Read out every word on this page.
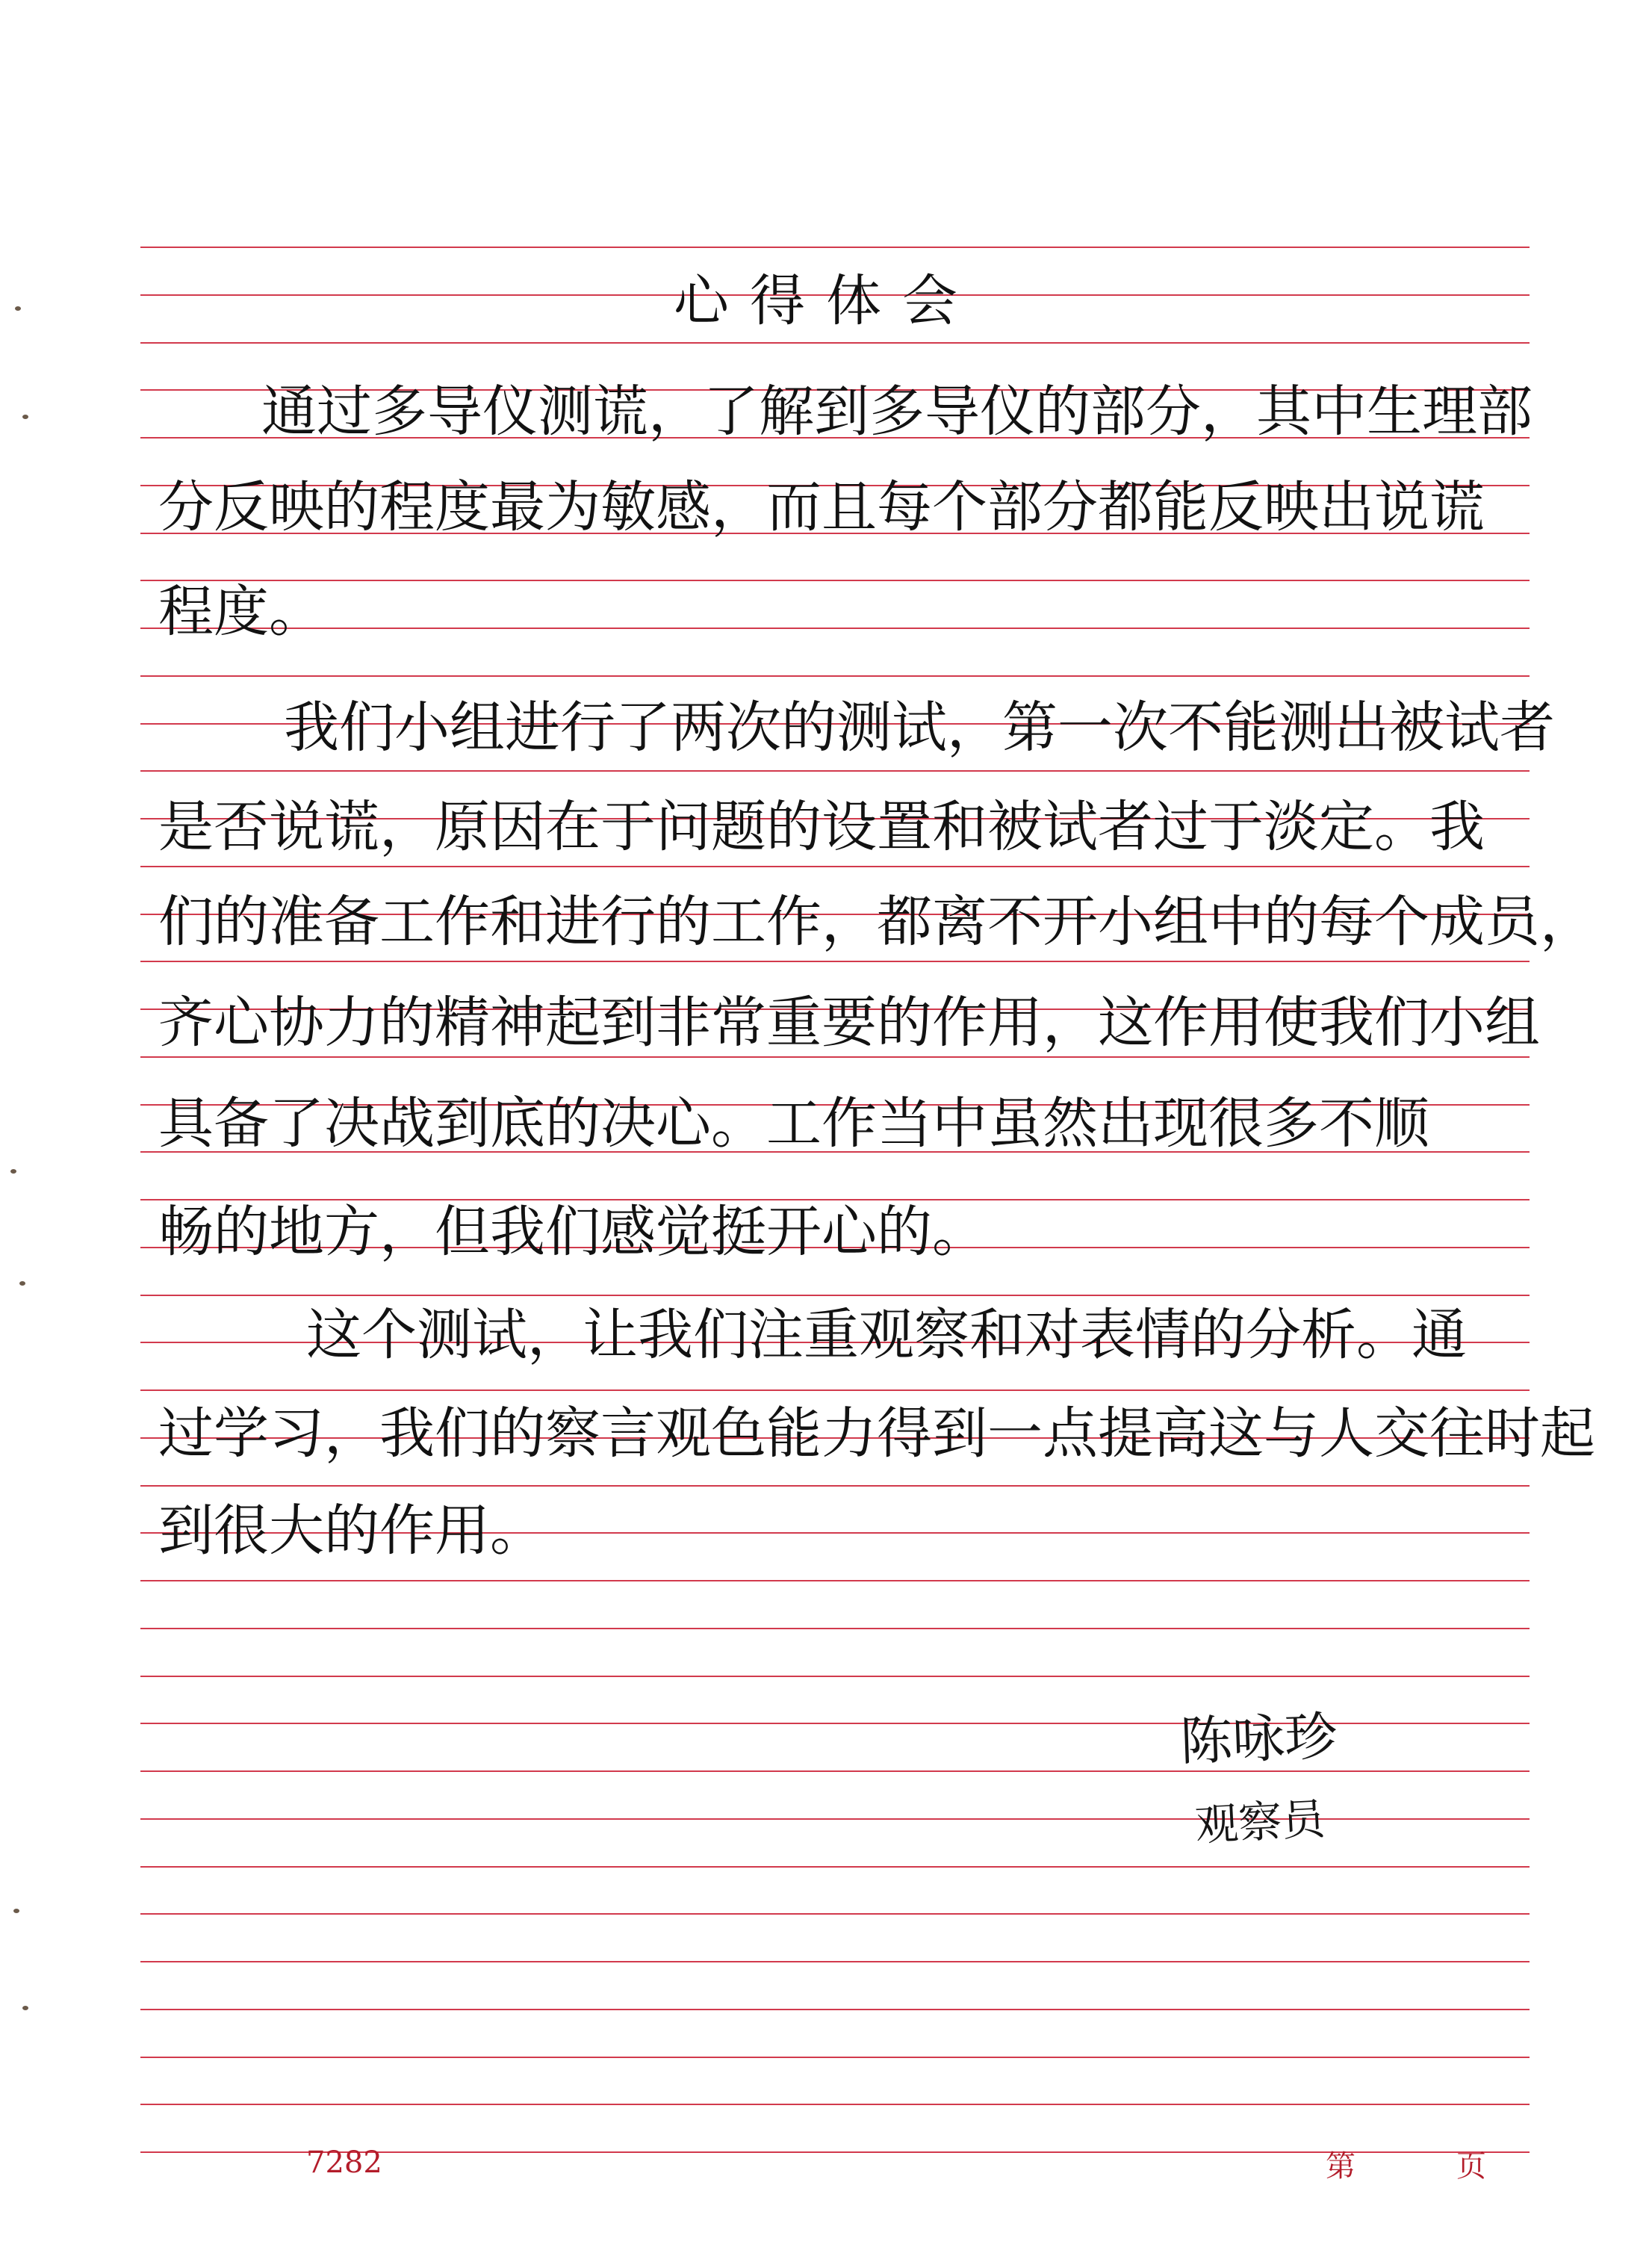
心得体会
通过多导仪测谎，了解到多导仪的部分，其中生理部
分反映的程度最为敏感，而且每个部分都能反映出说谎
程度。
我们小组进行了两次的测试，第一次不能测出被试者
是否说谎，原因在于问题的设置和被试者过于淡定。我
们的准备工作和进行的工作，都离不开小组中的每个成员，
齐心协力的精神起到非常重要的作用，这作用使我们小组
具备了决战到底的决心。工作当中虽然出现很多不顺
畅的地方，但我们感觉挺开心的。
这个测试，让我们注重观察和对表情的分析。通
过学习，我们的察言观色能力得到一点提高这与人交往时起
到很大的作用。
陈咏珍
观察员
7282	第	页
